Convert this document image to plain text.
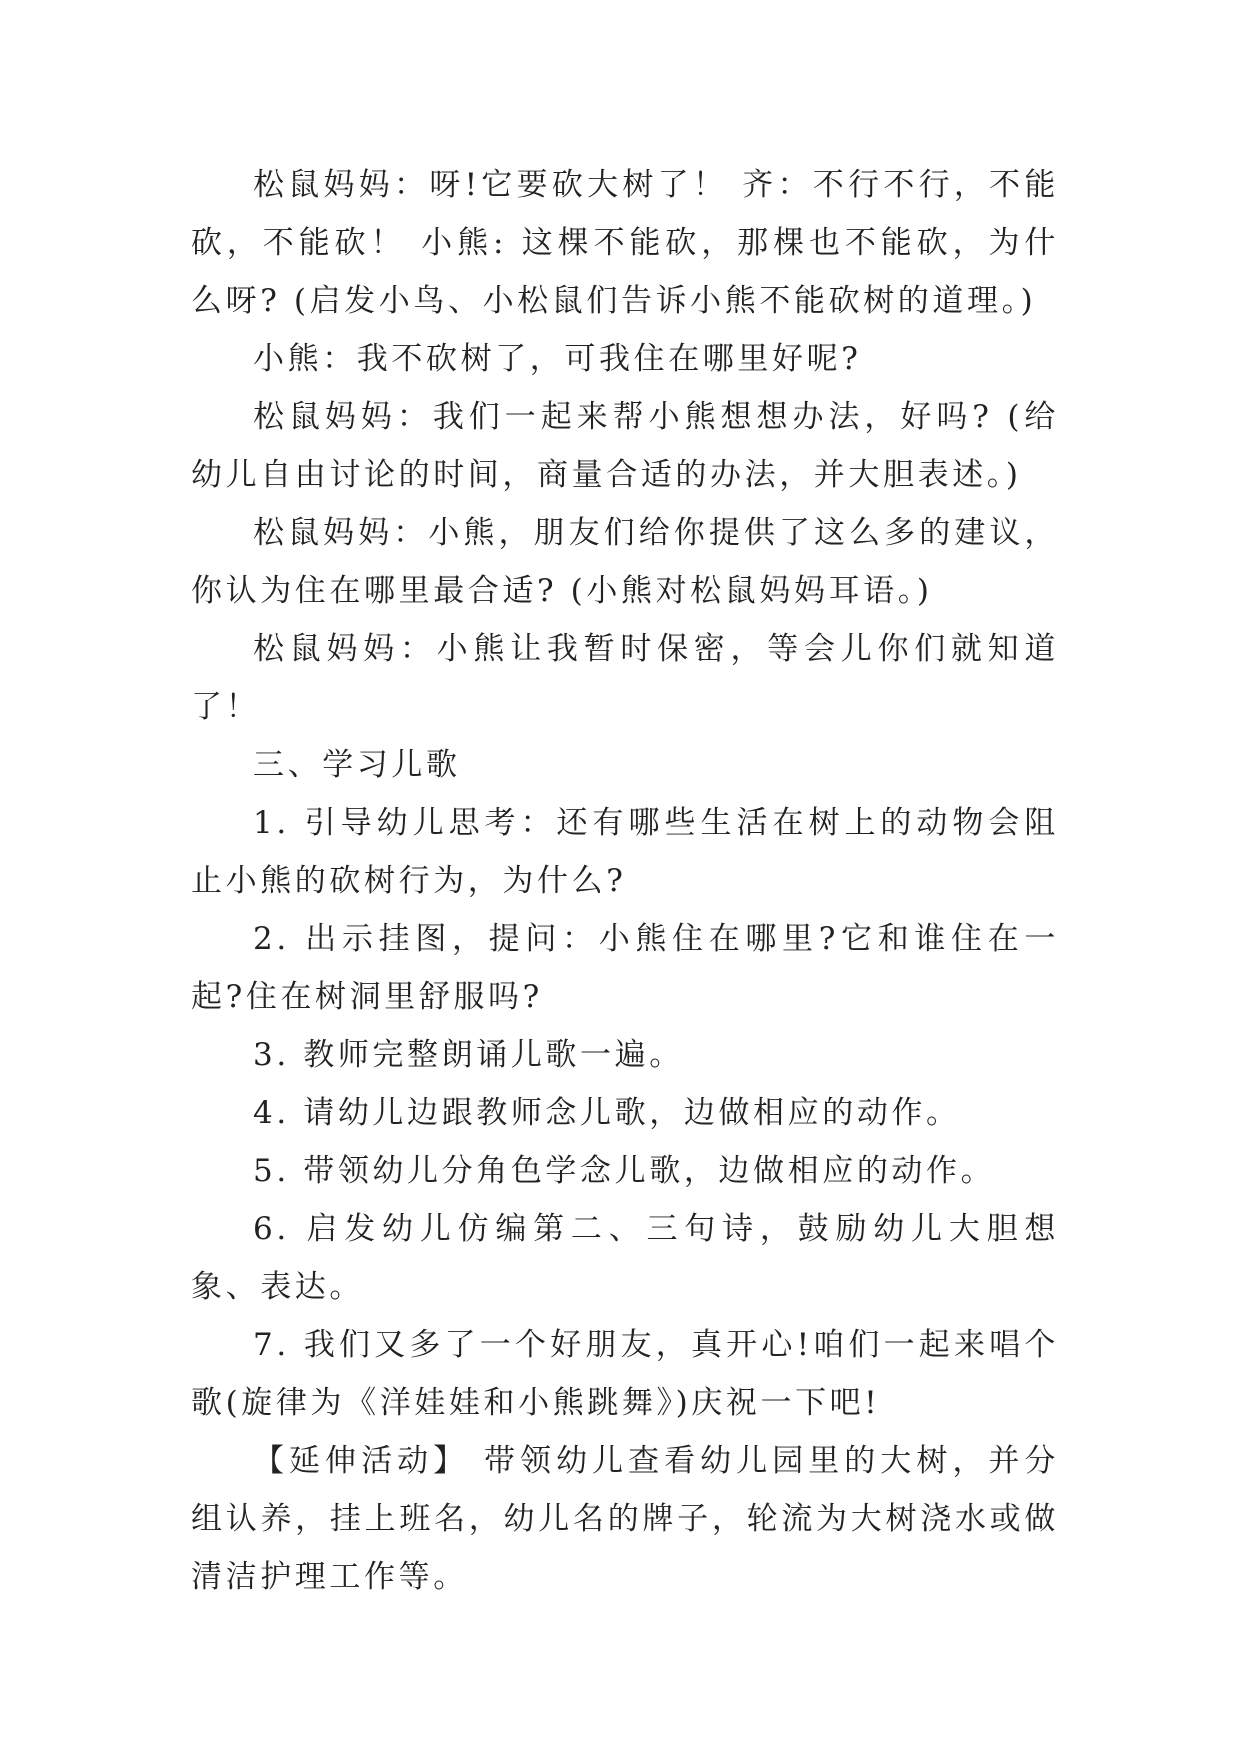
松鼠妈妈：呀!它要砍大树了！ 齐：不行不行，不能砍，不能砍！ 小熊: 这棵不能砍，那棵也不能砍，为什么呀? (启发小鸟、小松鼠们告诉小熊不能砍树的道理。)

小熊：我不砍树了，可我住在哪里好呢?

松鼠妈妈：我们一起来帮小熊想想办法，好吗? (给幼儿自由讨论的时间，商量合适的办法，并大胆表述。)

松鼠妈妈：小熊，朋友们给你提供了这么多的建议，你认为住在哪里最合适? (小熊对松鼠妈妈耳语。)

松鼠妈妈：小熊让我暂时保密，等会儿你们就知道了！

三、学习儿歌

1. 引导幼儿思考：还有哪些生活在树上的动物会阻止小熊的砍树行为，为什么?

2. 出示挂图，提问：小熊住在哪里?它和谁住在一起?住在树洞里舒服吗?

3. 教师完整朗诵儿歌一遍。

4. 请幼儿边跟教师念儿歌，边做相应的动作。

5. 带领幼儿分角色学念儿歌，边做相应的动作。

6. 启发幼儿仿编第二、三句诗，鼓励幼儿大胆想象、表达。

7. 我们又多了一个好朋友，真开心!咱们一起来唱个歌(旋律为《洋娃娃和小熊跳舞》)庆祝一下吧!

【延伸活动】 带领幼儿查看幼儿园里的大树，并分组认养，挂上班名，幼儿名的牌子，轮流为大树浇水或做清洁护理工作等。
